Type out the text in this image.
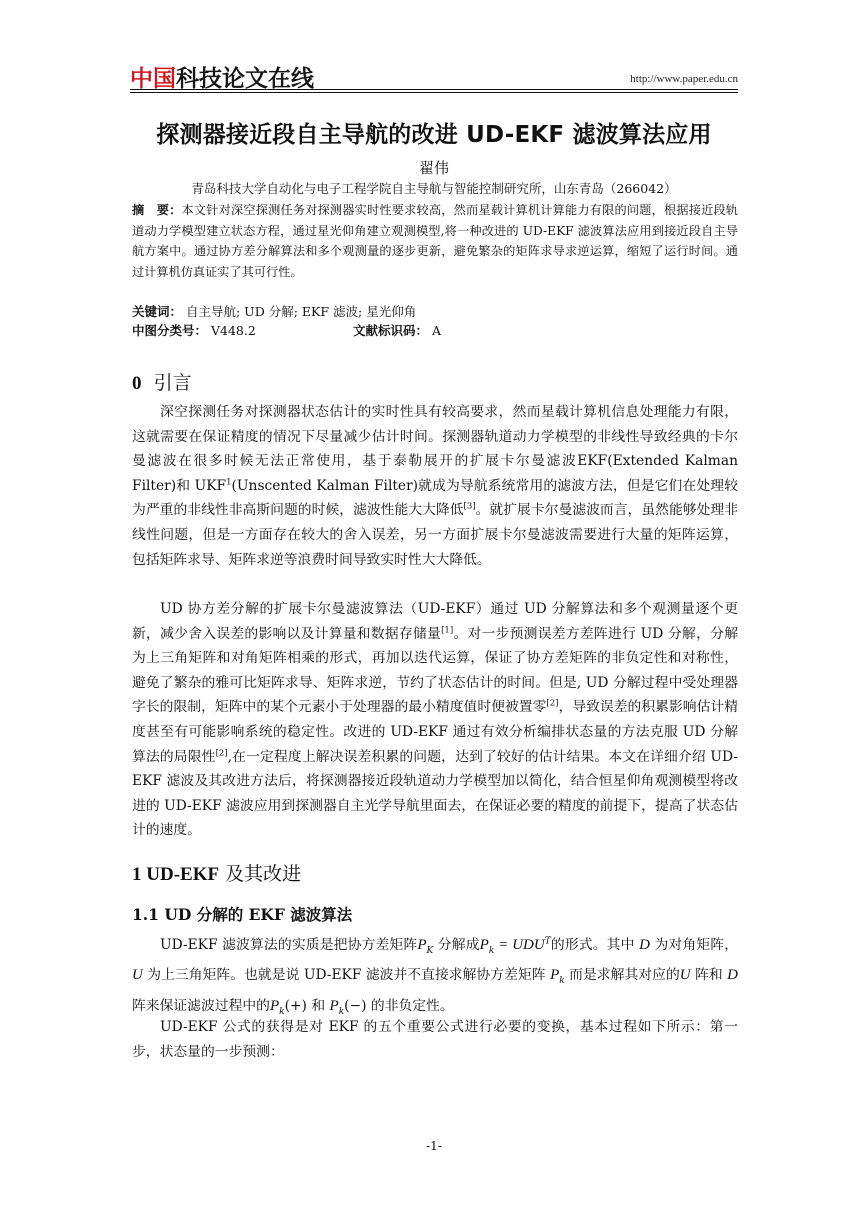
中国科技论文在线	http://www.paper.edu.cn
探测器接近段自主导航的改进 UD-EKF 滤波算法应用
翟伟
青岛科技大学自动化与电子工程学院自主导航与智能控制研究所，山东青岛（266042）
摘　要：本文针对深空探测任务对探测器实时性要求较高，然而星载计算机计算能力有限的问题，根据接近段轨道动力学模型建立状态方程，通过星光仰角建立观测模型,将一种改进的 UD-EKF 滤波算法应用到接近段自主导航方案中。通过协方差分解算法和多个观测量的逐步更新，避免繁杂的矩阵求导求逆运算，缩短了运行时间。通过计算机仿真证实了其可行性。
关键词： 自主导航; UD 分解; EKF 滤波; 星光仰角
中图分类号： V448.2	文献标识码： A
0 引言
深空探测任务对探测器状态估计的实时性具有较高要求，然而星载计算机信息处理能力有限，这就需要在保证精度的情况下尽量减少估计时间。探测器轨道动力学模型的非线性导致经典的卡尔曼滤波在很多时候无法正常使用，基于泰勒展开的扩展卡尔曼滤波EKF(Extended Kalman Filter)和 UKF$^1$(Unscented Kalman Filter)就成为导航系统常用的滤波方法，但是它们在处理较为严重的非线性非高斯问题的时候，滤波性能大大降低[3]。就扩展卡尔曼滤波而言，虽然能够处理非线性问题，但是一方面存在较大的舍入误差，另一方面扩展卡尔曼滤波需要进行大量的矩阵运算，包括矩阵求导、矩阵求逆等浪费时间导致实时性大大降低。
UD 协方差分解的扩展卡尔曼滤波算法（UD-EKF）通过 UD 分解算法和多个观测量逐个更新，减少舍入误差的影响以及计算量和数据存储量[1]。对一步预测误差方差阵进行 UD 分解，分解为上三角矩阵和对角矩阵相乘的形式，再加以迭代运算，保证了协方差矩阵的非负定性和对称性，避免了繁杂的雅可比矩阵求导、矩阵求逆，节约了状态估计的时间。但是, UD 分解过程中受处理器字长的限制，矩阵中的某个元素小于处理器的最小精度值时便被置零[2]，导致误差的积累影响估计精度甚至有可能影响系统的稳定性。改进的 UD-EKF 通过有效分析编排状态量的方法克服 UD 分解算法的局限性[2],在一定程度上解决误差积累的问题，达到了较好的估计结果。本文在详细介绍 UD-EKF 滤波及其改进方法后，将探测器接近段轨道动力学模型加以简化，结合恒星仰角观测模型将改进的 UD-EKF 滤波应用到探测器自主光学导航里面去，在保证必要的精度的前提下，提高了状态估计的速度。
1 UD-EKF 及其改进
1.1 UD 分解的 EKF 滤波算法
UD-EKF 滤波算法的实质是把协方差矩阵$P_K$ 分解成$P_k = UDU^T$的形式。其中 D 为对角矩阵，U 为上三角矩阵。也就是说 UD-EKF 滤波并不直接求解协方差矩阵 $P_k$ 而是求解其对应的U 阵和 D 阵来保证滤波过程中的$P_k(+)$ 和 $P_k(-)$ 的非负定性。
UD-EKF 公式的获得是对 EKF 的五个重要公式进行必要的变换，基本过程如下所示：第一步，状态量的一步预测：
-1-
